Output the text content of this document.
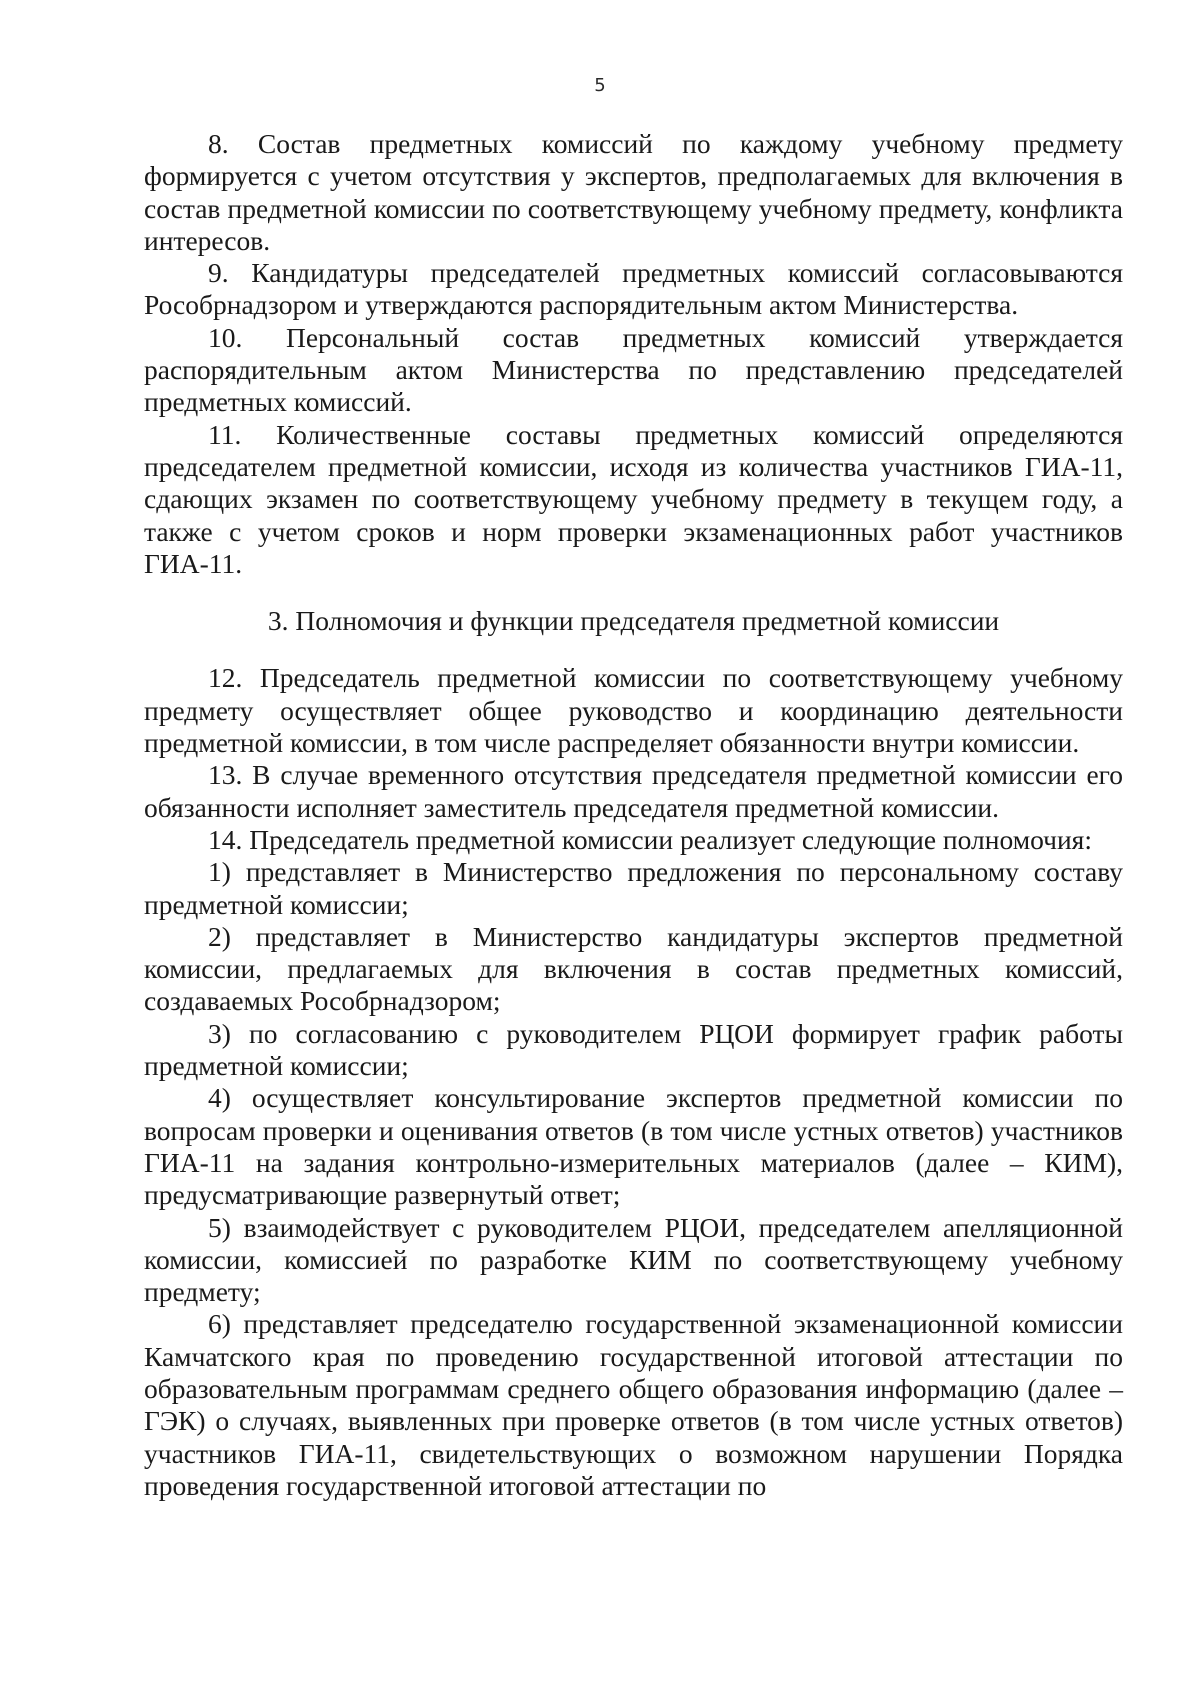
5

8. Состав предметных комиссий по каждому учебному предмету формируется с учетом отсутствия у экспертов, предполагаемых для включения в состав предметной комиссии по соответствующему учебному предмету, конфликта интересов.

9. Кандидатуры председателей предметных комиссий согласовываются Рособрнадзором и утверждаются распорядительным актом Министерства.

10. Персональный состав предметных комиссий утверждается распорядительным актом Министерства по представлению председателей предметных комиссий.

11. Количественные составы предметных комиссий определяются председателем предметной комиссии, исходя из количества участников ГИА-11, сдающих экзамен по соответствующему учебному предмету в текущем году, а также с учетом сроков и норм проверки экзаменационных работ участников ГИА-11.

3. Полномочия и функции председателя предметной комиссии

12. Председатель предметной комиссии по соответствующему учебному предмету осуществляет общее руководство и координацию деятельности предметной комиссии, в том числе распределяет обязанности внутри комиссии.

13. В случае временного отсутствия председателя предметной комиссии его обязанности исполняет заместитель председателя предметной комиссии.

14. Председатель предметной комиссии реализует следующие полномочия:

1) представляет в Министерство предложения по персональному составу предметной комиссии;

2) представляет в Министерство кандидатуры экспертов предметной комиссии, предлагаемых для включения в состав предметных комиссий, создаваемых Рособрнадзором;

3) по согласованию с руководителем РЦОИ формирует график работы предметной комиссии;

4) осуществляет консультирование экспертов предметной комиссии по вопросам проверки и оценивания ответов (в том числе устных ответов) участников ГИА-11 на задания контрольно-измерительных материалов (далее – КИМ), предусматривающие развернутый ответ;

5) взаимодействует с руководителем РЦОИ, председателем апелляционной комиссии, комиссией по разработке КИМ по соответствующему учебному предмету;

6) представляет председателю государственной экзаменационной комиссии Камчатского края по проведению государственной итоговой аттестации по образовательным программам среднего общего образования информацию (далее – ГЭК) о случаях, выявленных при проверке ответов (в том числе устных ответов) участников ГИА-11, свидетельствующих о возможном нарушении Порядка проведения государственной итоговой аттестации по
